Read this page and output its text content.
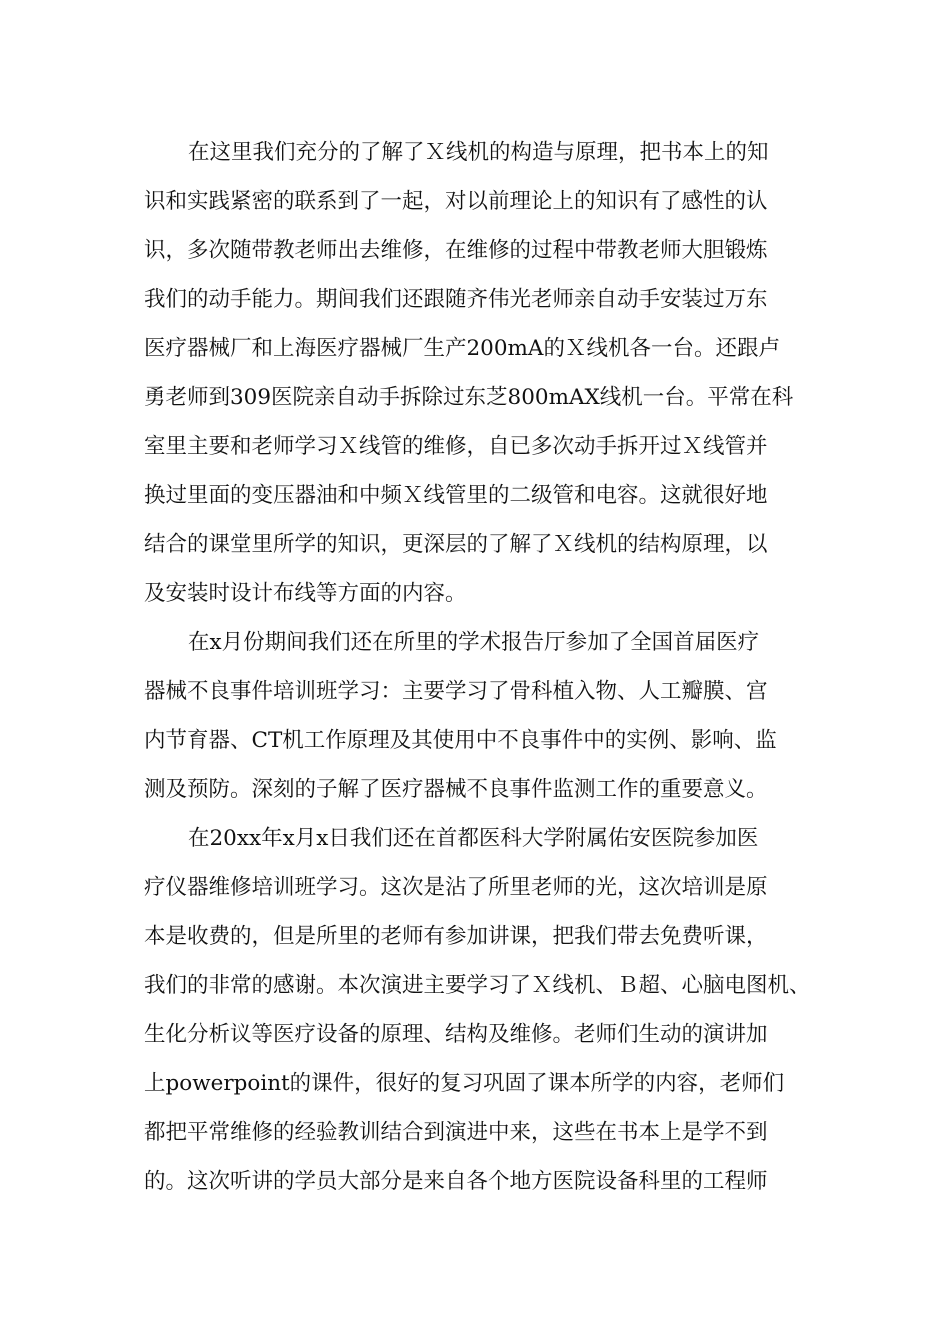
在这里我们充分的了解了Ｘ线机的构造与原理，把书本上的知
识和实践紧密的联系到了一起，对以前理论上的知识有了感性的认
识，多次随带教老师出去维修，在维修的过程中带教老师大胆锻炼
我们的动手能力。期间我们还跟随齐伟光老师亲自动手安装过万东
医疗器械厂和上海医疗器械厂生产200mA的Ｘ线机各一台。还跟卢
勇老师到309医院亲自动手拆除过东芝800mAX线机一台。平常在科
室里主要和老师学习Ｘ线管的维修，自已多次动手拆开过Ｘ线管并
换过里面的变压器油和中频Ｘ线管里的二级管和电容。这就很好地
结合的课堂里所学的知识，更深层的了解了Ｘ线机的结构原理，以
及安装时设计布线等方面的内容。

在x月份期间我们还在所里的学术报告厅参加了全国首届医疗
器械不良事件培训班学习：主要学习了骨科植入物、人工瓣膜、宫
内节育器、CT机工作原理及其使用中不良事件中的实例、影响、监
测及预防。深刻的子解了医疗器械不良事件监测工作的重要意义。

在20xx年x月x日我们还在首都医科大学附属佑安医院参加医
疗仪器维修培训班学习。这次是沾了所里老师的光，这次培训是原
本是收费的，但是所里的老师有参加讲课，把我们带去免费听课，
我们的非常的感谢。本次演进主要学习了Ｘ线机、Ｂ超、心脑电图机、
生化分析议等医疗设备的原理、结构及维修。老师们生动的演讲加
上powerpoint的课件，很好的复习巩固了课本所学的内容，老师们
都把平常维修的经验教训结合到演进中来，这些在书本上是学不到
的。这次听讲的学员大部分是来自各个地方医院设备科里的工程师
